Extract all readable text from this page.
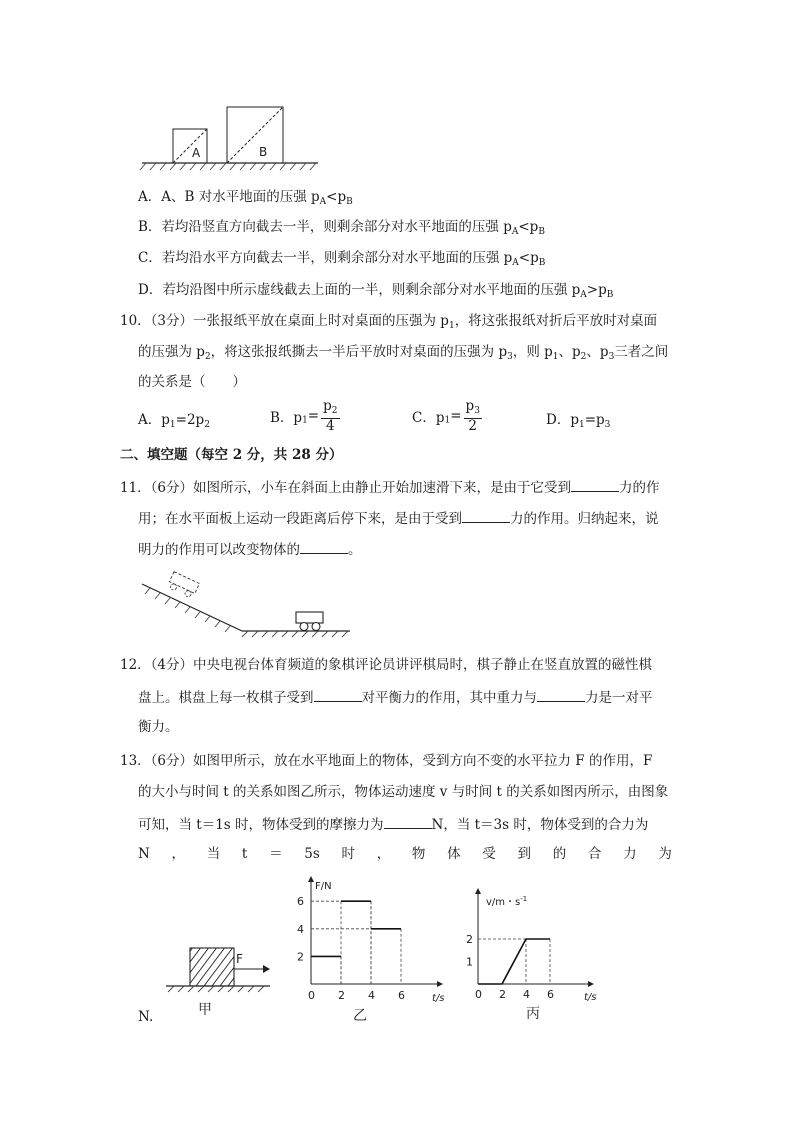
A	B
A．A、B 对水平地面的压强 $p_A<p_B$
B．若均沿竖直方向截去一半，则剩余部分对水平地面的压强 $p_A<p_B$
C．若均沿水平方向截去一半，则剩余部分对水平地面的压强 $p_A<p_B$
D．若均沿图中所示虚线截去上面的一半，则剩余部分对水平地面的压强 $p_A>p_B$
10．（3分）一张报纸平放在桌面上时对桌面的压强为 $p_1$，将这张报纸对折后平放时对桌面
的压强为 $p_2$，将这张报纸撕去一半后平放时对桌面的压强为 $p_3$，则 $p_1$、$p_2$、$p_3$三者之间
的关系是（　　）
A．$p_1=2p_2$	B．$p_1= \frac{p_2}{4}$	C．$p_1= \frac{p_3}{2}$	D．$p_1=p_3$
二、填空题（每空 2 分，共 28 分）
11．（6分）如图所示，小车在斜面上由静止开始加速滑下来，是由于它受到	力的作
用；在水平面板上运动一段距离后停下来，是由于受到	力的作用。归纳起来，说
明力的作用可以改变物体的	。
12．（4分）中央电视台体育频道的象棋评论员讲评棋局时，棋子静止在竖直放置的磁性棋
盘上。棋盘上每一枚棋子受到	对平衡力的作用，其中重力与	力是一对平
衡力。
13．（6分）如图甲所示，放在水平地面上的物体，受到方向不变的水平拉力 F 的作用，F
的大小与时间 t 的关系如图乙所示，物体运动速度 v 与时间 t 的关系如图丙所示，由图象
可知，当 t＝1s 时，物体受到的摩擦力为	N，当 t＝3s 时，物体受到的合力为
N ， 当 t ＝ 5s 时 ， 物 体 受 到 的 合 力 为
F
甲
F/N
t/s
6
4
2
0 2 4 6
乙
v/m・$s^{-1}$
t/s
2
1
0 2 4 6
丙
N.
